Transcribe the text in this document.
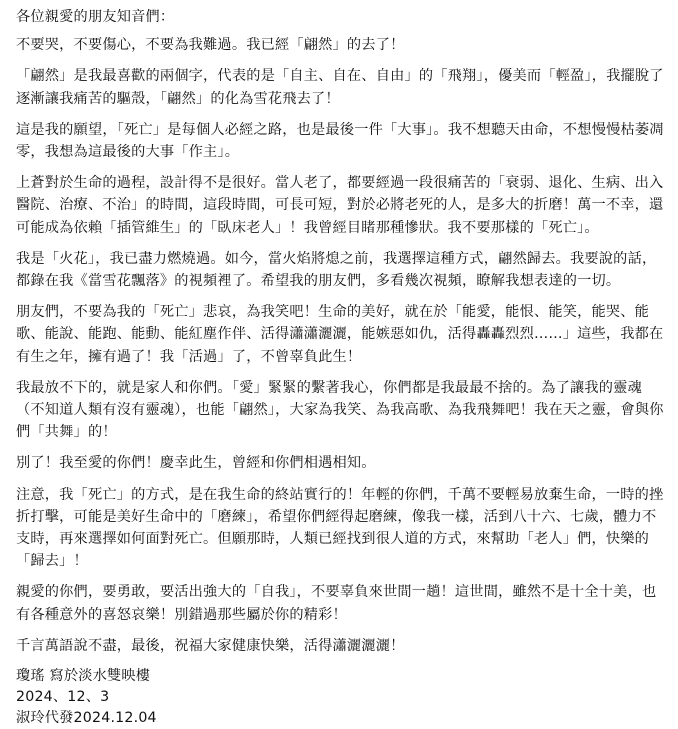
各位親愛的朋友知音們：

不要哭，不要傷心，不要為我難過。我已經「翩然」的去了！

「翩然」是我最喜歡的兩個字，代表的是「自主、自在、自由」的「飛翔」，優美而「輕盈」，我擺脫了逐漸讓我痛苦的驅殼，「翩然」的化為雪花飛去了！

這是我的願望，「死亡」是每個人必經之路，也是最後一件「大事」。我不想聽天由命，不想慢慢枯萎凋零，我想為這最後的大事「作主」。

上蒼對於生命的過程，設計得不是很好。當人老了，都要經過一段很痛苦的「衰弱、退化、生病、出入醫院、治療、不治」的時間，這段時間，可長可短，對於必將老死的人，是多大的折磨！萬一不幸，還可能成為依賴「插管維生」的「臥床老人」！我曾經目睹那種慘狀。我不要那樣的「死亡」。

我是「火花」，我已盡力燃燒過。如今，當火焰將熄之前，我選擇這種方式，翩然歸去。我要說的話，都錄在我《當雪花飄落》的視頻裡了。希望我的朋友們，多看幾次視頻，瞭解我想表達的一切。

朋友們，不要為我的「死亡」悲哀，為我笑吧！生命的美好，就在於「能愛，能恨、能笑，能哭、能歌、能說、能跑、能動、能紅塵作伴、活得瀟瀟灑灑，能嫉惡如仇，活得轟轟烈烈……」這些，我都在有生之年，擁有過了！我「活過」了，不曾辜負此生！

我最放不下的，就是家人和你們。「愛」緊緊的繫著我心，你們都是我最最不捨的。為了讓我的靈魂（不知道人類有沒有靈魂），也能「翩然」，大家為我笑、為我高歌、為我飛舞吧！我在天之靈，會與你們「共舞」的！

別了！我至愛的你們！慶幸此生，曾經和你們相遇相知。

注意，我「死亡」的方式，是在我生命的終站實行的！年輕的你們，千萬不要輕易放棄生命，一時的挫折打擊，可能是美好生命中的「磨練」，希望你們經得起磨練，像我一樣，活到八十六、七歲，體力不支時，再來選擇如何面對死亡。但願那時，人類已經找到很人道的方式，來幫助「老人」們，快樂的「歸去」！

親愛的你們，要勇敢，要活出強大的「自我」，不要辜負來世間一趟！這世間，雖然不是十全十美，也有各種意外的喜怒哀樂！別錯過那些屬於你的精彩！

千言萬語說不盡，最後，祝福大家健康快樂，活得瀟灑灑灑！

瓊瑤 寫於淡水雙映樓
2024、12、3
淑玲代發2024.12.04
